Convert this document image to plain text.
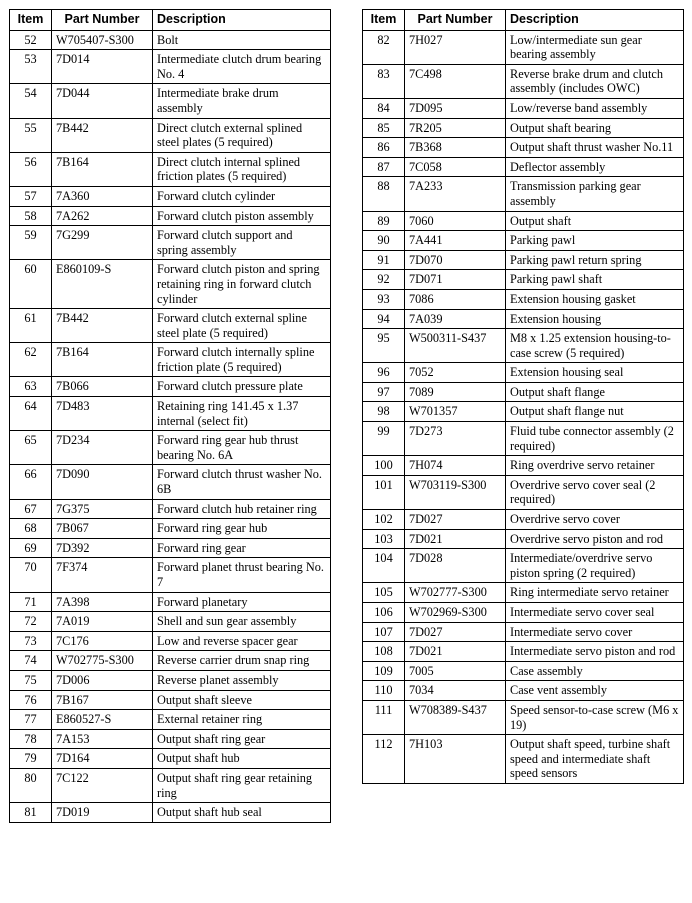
Item	Part Number	Description
52	W705407-S300	Bolt
53	7D014	Intermediate clutch drum bearing No. 4
54	7D044	Intermediate brake drum assembly
55	7B442	Direct clutch external splined steel plates (5 required)
56	7B164	Direct clutch internal splined friction plates (5 required)
57	7A360	Forward clutch cylinder
58	7A262	Forward clutch piston assembly
59	7G299	Forward clutch support and spring assembly
60	E860109-S	Forward clutch piston and spring retaining ring in forward clutch cylinder
61	7B442	Forward clutch external spline steel plate (5 required)
62	7B164	Forward clutch internally spline friction plate (5 required)
63	7B066	Forward clutch pressure plate
64	7D483	Retaining ring 141.45 x 1.37 internal (select fit)
65	7D234	Forward ring gear hub thrust bearing No. 6A
66	7D090	Forward clutch thrust washer No. 6B
67	7G375	Forward clutch hub retainer ring
68	7B067	Forward ring gear hub
69	7D392	Forward ring gear
70	7F374	Forward planet thrust bearing No. 7
71	7A398	Forward planetary
72	7A019	Shell and sun gear assembly
73	7C176	Low and reverse spacer gear
74	W702775-S300	Reverse carrier drum snap ring
75	7D006	Reverse planet assembly
76	7B167	Output shaft sleeve
77	E860527-S	External retainer ring
78	7A153	Output shaft ring gear
79	7D164	Output shaft hub
80	7C122	Output shaft ring gear retaining ring
81	7D019	Output shaft hub seal
Item	Part Number	Description
82	7H027	Low/intermediate sun gear bearing assembly
83	7C498	Reverse brake drum and clutch assembly (includes OWC)
84	7D095	Low/reverse band assembly
85	7R205	Output shaft bearing
86	7B368	Output shaft thrust washer No.11
87	7C058	Deflector assembly
88	7A233	Transmission parking gear assembly
89	7060	Output shaft
90	7A441	Parking pawl
91	7D070	Parking pawl return spring
92	7D071	Parking pawl shaft
93	7086	Extension housing gasket
94	7A039	Extension housing
95	W500311-S437	M8 x 1.25 extension housing-to-case screw (5 required)
96	7052	Extension housing seal
97	7089	Output shaft flange
98	W701357	Output shaft flange nut
99	7D273	Fluid tube connector assembly (2 required)
100	7H074	Ring overdrive servo retainer
101	W703119-S300	Overdrive servo cover seal (2 required)
102	7D027	Overdrive servo cover
103	7D021	Overdrive servo piston and rod
104	7D028	Intermediate/overdrive servo piston spring (2 required)
105	W702777-S300	Ring intermediate servo retainer
106	W702969-S300	Intermediate servo cover seal
107	7D027	Intermediate servo cover
108	7D021	Intermediate servo piston and rod
109	7005	Case assembly
110	7034	Case vent assembly
111	W708389-S437	Speed sensor-to-case screw (M6 x 19)
112	7H103	Output shaft speed, turbine shaft speed and intermediate shaft speed sensors
